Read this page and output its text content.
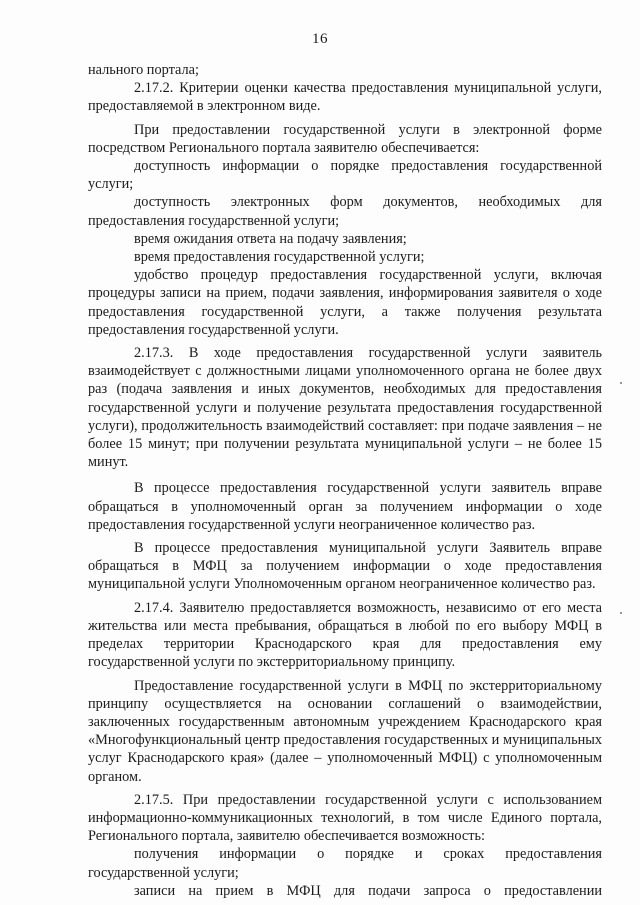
16

нального портала;

2.17.2. Критерии оценки качества предоставления муниципальной услуги, предоставляемой в электронном виде.

При предоставлении государственной услуги в электронной форме посредством Регионального портала заявителю обеспечивается:

доступность информации о порядке предоставления государственной услуги;

доступность электронных форм документов, необходимых для предоставления государственной услуги;

время ожидания ответа на подачу заявления;

время предоставления государственной услуги;

удобство процедур предоставления государственной услуги, включая процедуры записи на прием, подачи заявления, информирования заявителя о ходе предоставления государственной услуги, а также получения результата предоставления государственной услуги.

2.17.3. В ходе предоставления государственной услуги заявитель взаимодействует с должностными лицами уполномоченного органа не более двух раз (подача заявления и иных документов, необходимых для предоставления государственной услуги и получение результата предоставления государственной услуги), продолжительность взаимодействий составляет: при подаче заявления – не более 15 минут; при получении результата муниципальной услуги – не более 15 минут.

В процессе предоставления государственной услуги заявитель вправе обращаться в уполномоченный орган за получением информации о ходе предоставления государственной услуги неограниченное количество раз.

В процессе предоставления муниципальной услуги Заявитель вправе обращаться в МФЦ за получением информации о ходе предоставления муниципальной услуги Уполномоченным органом неограниченное количество раз.

2.17.4. Заявителю предоставляется возможность, независимо от его места жительства или места пребывания, обращаться в любой по его выбору МФЦ в пределах территории Краснодарского края для предоставления ему государственной услуги по экстерриториальному принципу.

Предоставление государственной услуги в МФЦ по экстерриториальному принципу осуществляется на основании соглашений о взаимодействии, заключенных государственным автономным учреждением Краснодарского края «Многофункциональный центр предоставления государственных и муниципальных услуг Краснодарского края» (далее – уполномоченный МФЦ) с уполномоченным органом.

2.17.5. При предоставлении государственной услуги с использованием информационно-коммуникационных технологий, в том числе Единого портала, Регионального портала, заявителю обеспечивается возможность:

получения информации о порядке и сроках предоставления государственной услуги;

записи на прием в МФЦ для подачи запроса о предоставлении
